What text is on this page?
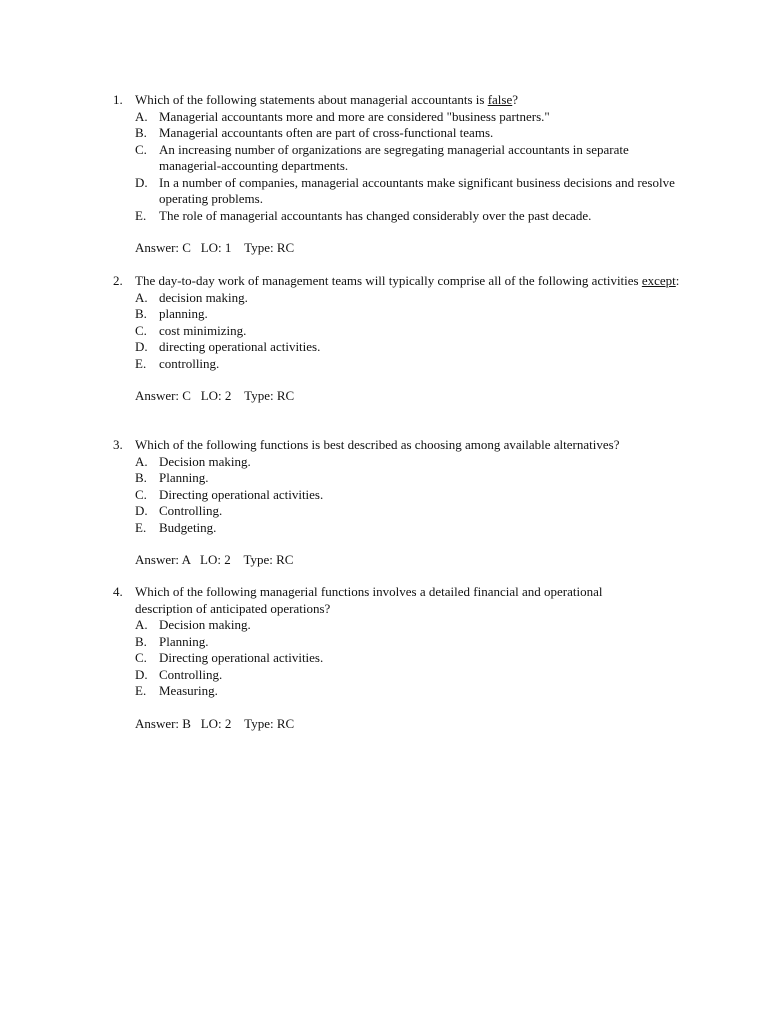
1. Which of the following statements about managerial accountants is false?
A. Managerial accountants more and more are considered "business partners."
B. Managerial accountants often are part of cross-functional teams.
C. An increasing number of organizations are segregating managerial accountants in separate managerial-accounting departments.
D. In a number of companies, managerial accountants make significant business decisions and resolve operating problems.
E. The role of managerial accountants has changed considerably over the past decade.
Answer: C   LO: 1    Type: RC
2. The day-to-day work of management teams will typically comprise all of the following activities except:
A. decision making.
B. planning.
C. cost minimizing.
D. directing operational activities.
E. controlling.
Answer: C   LO: 2    Type: RC
3. Which of the following functions is best described as choosing among available alternatives?
A. Decision making.
B. Planning.
C. Directing operational activities.
D. Controlling.
E. Budgeting.
Answer: A   LO: 2    Type: RC
4. Which of the following managerial functions involves a detailed financial and operational description of anticipated operations?
A. Decision making.
B. Planning.
C. Directing operational activities.
D. Controlling.
E. Measuring.
Answer: B   LO: 2    Type: RC
